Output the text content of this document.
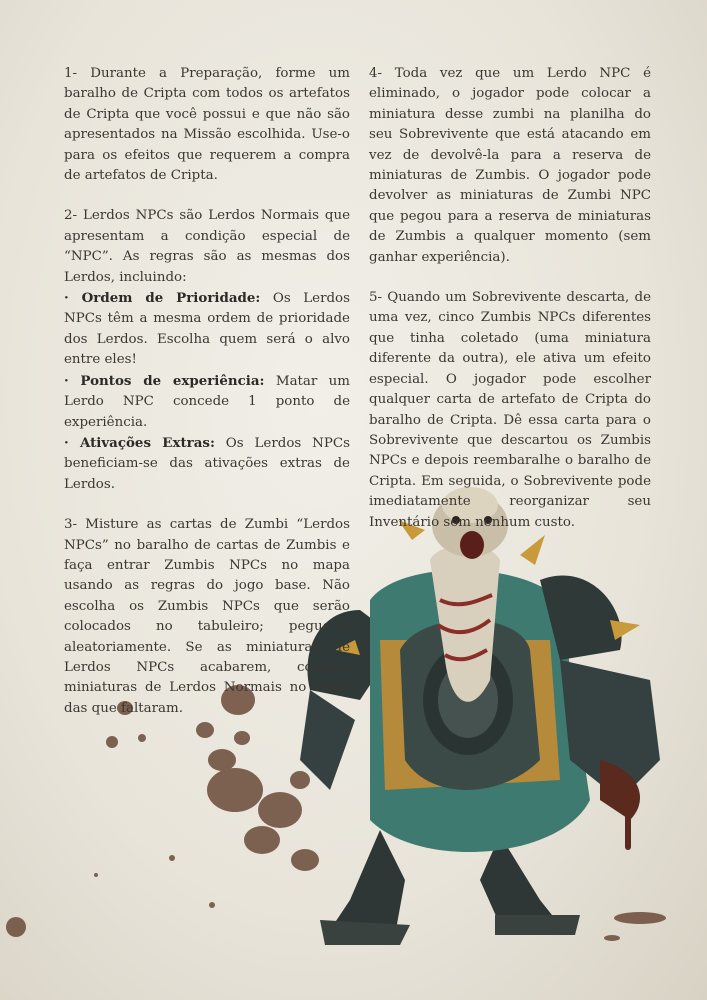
1- Durante a Preparação, forme um baralho de Cripta com todos os artefatos de Cripta que você possui e que não são apresentados na Missão escolhida. Use-o para os efeitos que requerem a compra de artefatos de Cripta.

2- Lerdos NPCs são Lerdos Normais que apresentam a condição especial de “NPC”. As regras são as mesmas dos Lerdos, incluindo:

· Ordem de Prioridade: Os Lerdos NPCs têm a mesma ordem de prioridade dos Lerdos. Escolha quem será o alvo entre eles!

· Pontos de experiência: Matar um Lerdo NPC concede 1 ponto de experiência.

· Ativações Extras: Os Lerdos NPCs beneficiam-se das ativações extras de Lerdos.

3- Misture as cartas de Zumbi “Lerdos NPCs” no baralho de cartas de Zumbis e faça entrar Zumbis NPCs no mapa usando as regras do jogo base. Não escolha os Zumbis NPCs que serão colocados no tabuleiro; pegue-os aleatoriamente. Se as miniaturas de Lerdos NPCs acabarem, coloque miniaturas de Lerdos Normais no lugar das que faltaram.

4- Toda vez que um Lerdo NPC é eliminado, o jogador pode colocar a miniatura desse zumbi na planilha do seu Sobrevivente que está atacando em vez de devolvê-la para a reserva de miniaturas de Zumbis. O jogador pode devolver as miniaturas de Zumbi NPC que pegou para a reserva de miniaturas de Zumbis a qualquer momento (sem ganhar experiência).

5- Quando um Sobrevivente descarta, de uma vez, cinco Zumbis NPCs diferentes que tinha coletado (uma miniatura diferente da outra), ele ativa um efeito especial. O jogador pode escolher qualquer carta de artefato de Cripta do baralho de Cripta. Dê essa carta para o Sobrevivente que descartou os Zumbis NPCs e depois reembaralhe o baralho de Cripta. Em seguida, o Sobrevivente pode imediatamente reorganizar seu Inventário sem nenhum custo.
